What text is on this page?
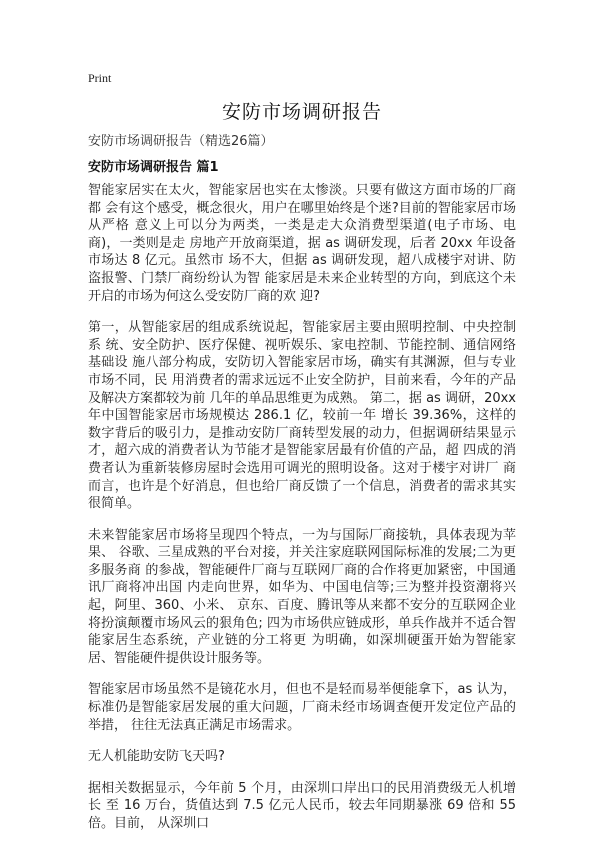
Print
安防市场调研报告

安防市场调研报告（精选26篇）

安防市场调研报告 篇1

智能家居实在太火，智能家居也实在太惨淡。只要有做这方面市场的厂商都 会有这个感受，概念很火，用户在哪里始终是个迷?目前的智能家居市场从严格 意义上可以分为两类，一类是走大众消费型渠道(电子市场、电商)，一类则是走 房地产开放商渠道，据 as 调研发现，后者 20xx 年设备市场达 8 亿元。虽然市 场不大，但据 as 调研发现，超八成楼宇对讲、防盗报警、门禁厂商纷纷认为智 能家居是未来企业转型的方向，到底这个未开启的市场为何这么受安防厂商的欢 迎?

第一，从智能家居的组成系统说起，智能家居主要由照明控制、中央控制系 统、安全防护、医疗保健、视听娱乐、家电控制、节能控制、通信网络基础设 施八部分构成，安防切入智能家居市场，确实有其渊源，但与专业市场不同，民 用消费者的需求远远不止安全防护，目前来看，今年的产品及解决方案都较为前 几年的单品思维更为成熟。 第二，据 as 调研，20xx 年中国智能家居市场规模达 286.1 亿，较前一年 增长 39.36%，这样的数字背后的吸引力，是推动安防厂商转型发展的动力，但据调研结果显示才，超六成的消费者认为节能才是智能家居最有价值的产品，超 四成的消费者认为重新装修房屋时会选用可调光的照明设备。这对于楼宇对讲厂 商而言，也许是个好消息，但也给厂商反馈了一个信息，消费者的需求其实很简单。

未来智能家居市场将呈现四个特点，一为与国际厂商接轨，具体表现为苹果、 谷歌、三星成熟的平台对接，并关注家庭联网国际标准的发展;二为更多服务商 的参战，智能硬件厂商与互联网厂商的合作将更加紧密，中国通讯厂商将冲出国 内走向世界，如华为、中国电信等;三为整并投资潮将兴起，阿里、360、小米、 京东、百度、腾讯等从来都不安分的互联网企业将扮演颠覆市场风云的狠角色; 四为市场供应链成形，单兵作战并不适合智能家居生态系统，产业链的分工将更 为明确，如深圳硬蛋开始为智能家居、智能硬件提供设计服务等。

智能家居市场虽然不是镜花水月，但也不是轻而易举便能拿下，as 认为， 标准仍是智能家居发展的重大问题，厂商未经市场调查便开发定位产品的举措， 往往无法真正满足市场需求。

无人机能助安防飞天吗?

据相关数据显示，今年前 5 个月，由深圳口岸出口的民用消费级无人机增长 至 16 万台，货值达到 7.5 亿元人民币，较去年同期暴涨 69 倍和 55 倍。目前， 从深圳口
